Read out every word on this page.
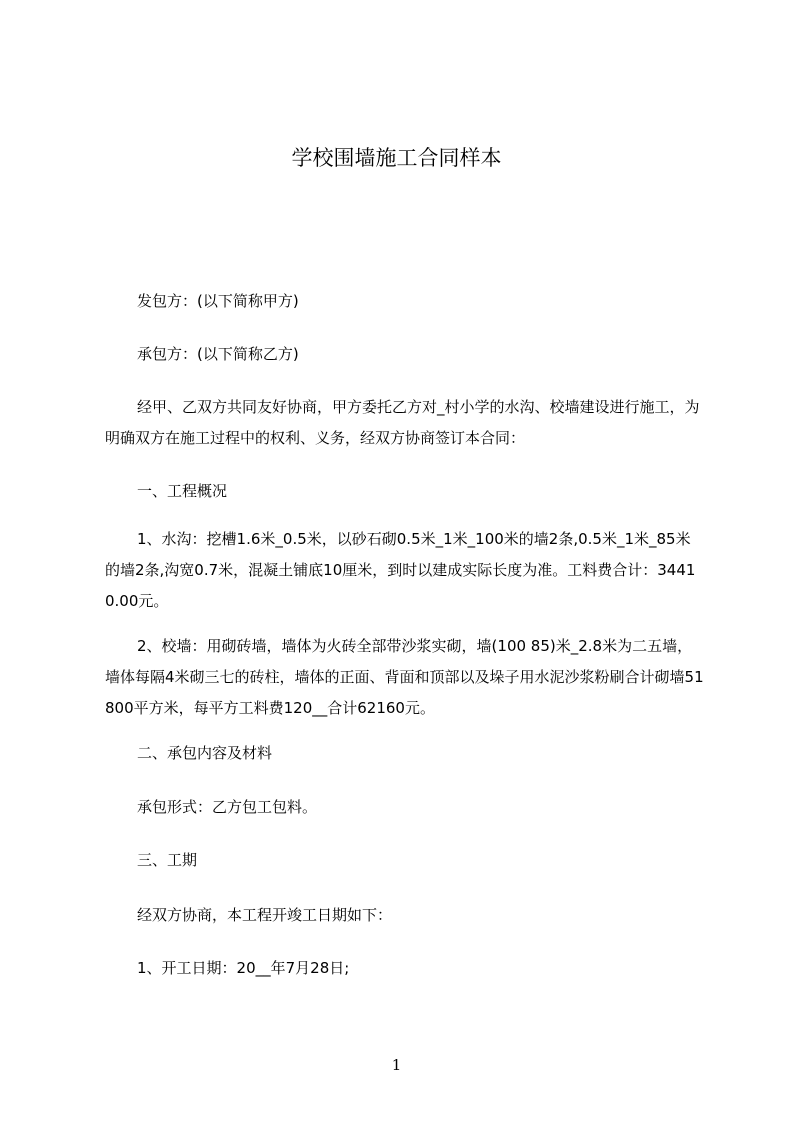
学校围墙施工合同样本

发包方：(以下简称甲方)

承包方：(以下简称乙方)

经甲、乙双方共同友好协商，甲方委托乙方对_村小学的水沟、校墙建设进行施工，为明确双方在施工过程中的权利、义务，经双方协商签订本合同：

一、工程概况

1、水沟：挖槽1.6米_0.5米，以砂石砌0.5米_1米_100米的墙2条,0.5米_1米_85米的墙2条,沟宽0.7米，混凝土铺底10厘米，到时以建成实际长度为准。工料费合计：34410.00元。

2、校墙：用砌砖墙，墙体为火砖全部带沙浆实砌，墙(100 85)米_2.8米为二五墙，墙体每隔4米砌三七的砖柱，墙体的正面、背面和顶部以及垛子用水泥沙浆粉刷合计砌墙51800平方米，每平方工料费120__合计62160元。

二、承包内容及材料

承包形式：乙方包工包料。

三、工期

经双方协商，本工程开竣工日期如下：

1、开工日期：20__年7月28日;

1
